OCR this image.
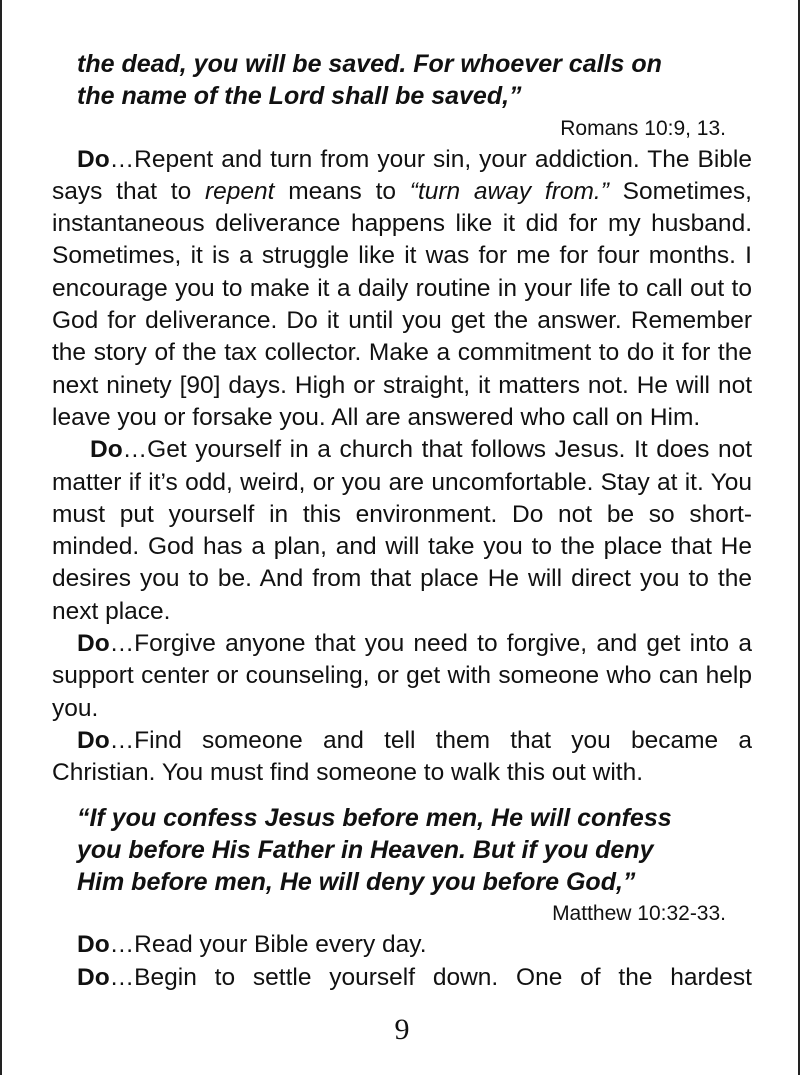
the dead, you will be saved. For whoever calls on
the name of the Lord shall be saved,”
Romans 10:9, 13.
Do…Repent and turn from your sin, your addiction. The Bible says that to repent means to “turn away from.” Sometimes, instantaneous deliverance happens like it did for my husband. Sometimes, it is a struggle like it was for me for four months. I encourage you to make it a daily routine in your life to call out to God for deliverance. Do it until you get the answer. Remember the story of the tax collector. Make a commitment to do it for the next ninety [90] days. High or straight, it matters not. He will not leave you or forsake you. All are answered who call on Him.
Do…Get yourself in a church that follows Jesus. It does not matter if it’s odd, weird, or you are uncomfortable. Stay at it. You must put yourself in this environment. Do not be so short-minded. God has a plan, and will take you to the place that He desires you to be. And from that place He will direct you to the next place.
Do…Forgive anyone that you need to forgive, and get into a support center or counseling, or get with someone who can help you.
Do…Find someone and tell them that you became a Christian. You must find someone to walk this out with.
“If you confess Jesus before men, He will confess
you before His Father in Heaven. But if you deny
Him before men, He will deny you before God,”
Matthew 10:32-33.
Do…Read your Bible every day.
Do…Begin to settle yourself down. One of the hardest
9
